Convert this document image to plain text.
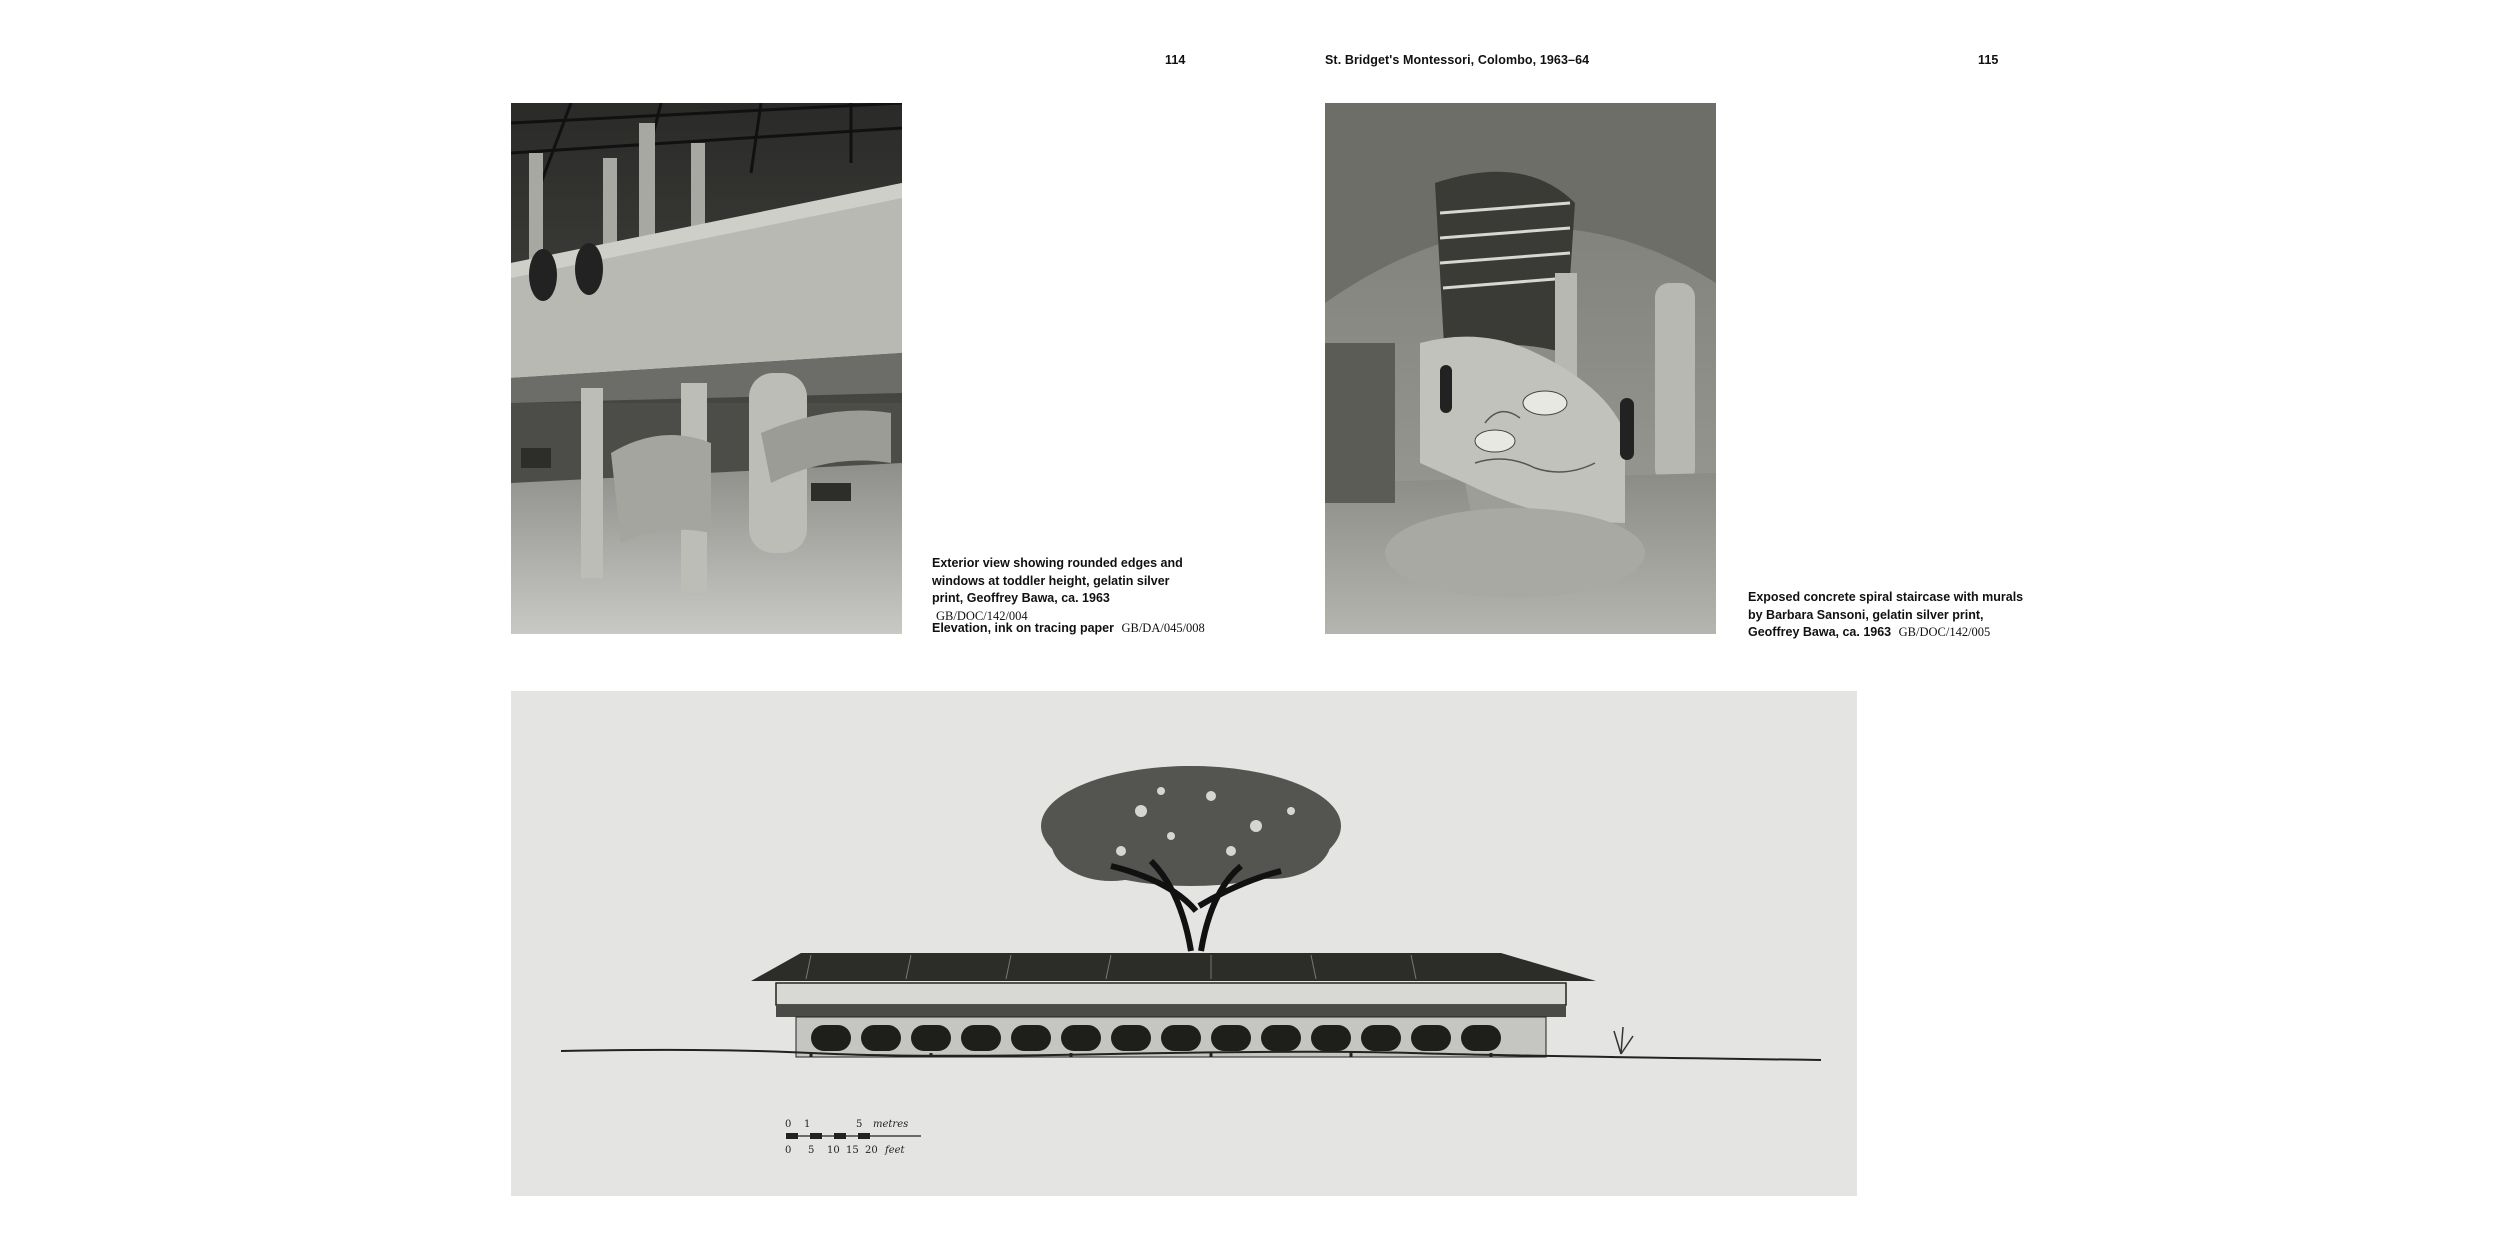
114	St. Bridget's Montessori, Colombo, 1963–64	115
Exterior view showing rounded edges and windows at toddler height, gelatin silver print, Geoffrey Bawa, ca. 1963 GB/DOC/142/004
Elevation, ink on tracing paper GB/DA/045/008
Exposed concrete spiral staircase with murals by Barbara Sansoni, gelatin silver print, Geoffrey Bawa, ca. 1963 GB/DOC/142/005
0 1	5 metres
0 5 10 15 20 feet
